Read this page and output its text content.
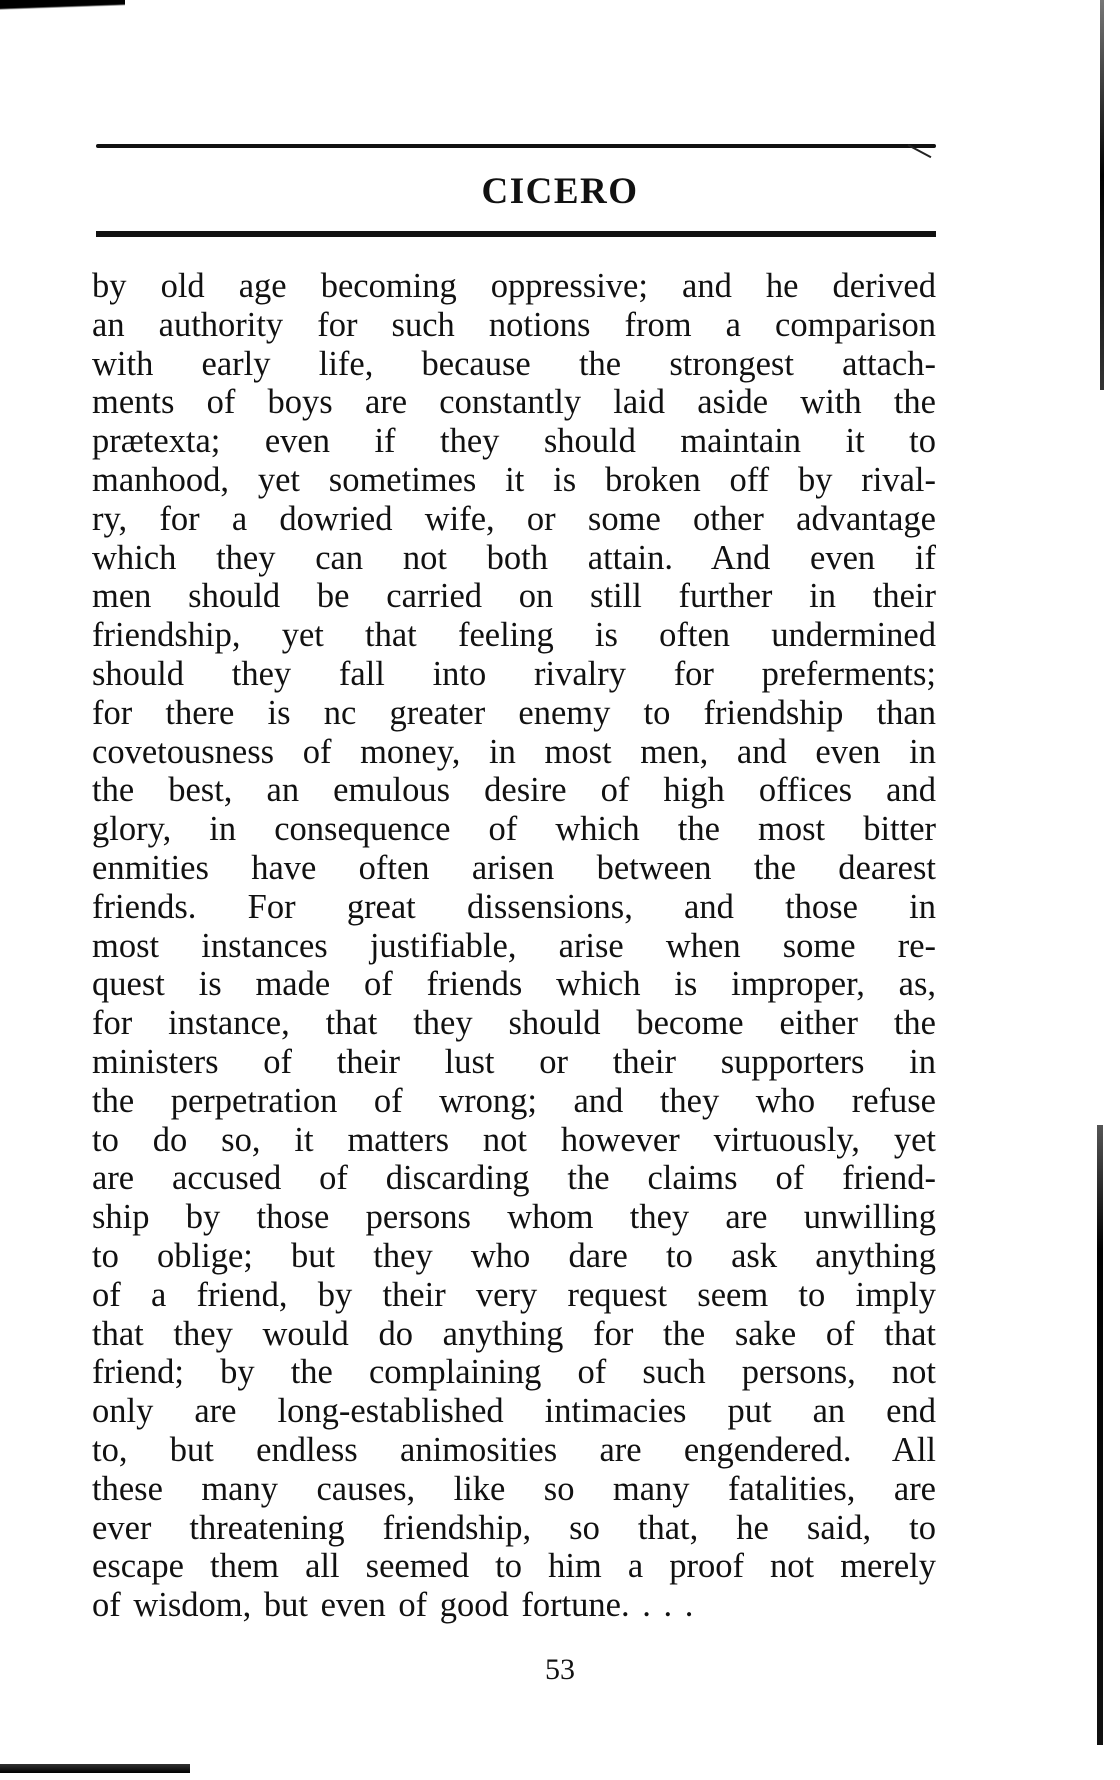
CICERO
by old age becoming oppressive; and he derived
an authority for such notions from a comparison
with early life, because the strongest attach-
ments of boys are constantly laid aside with the
prætexta; even if they should maintain it to
manhood, yet sometimes it is broken off by rival-
ry, for a dowried wife, or some other advantage
which they can not both attain. And even if
men should be carried on still further in their
friendship, yet that feeling is often undermined
should they fall into rivalry for preferments;
for there is nc greater enemy to friendship than
covetousness of money, in most men, and even in
the best, an emulous desire of high offices and
glory, in consequence of which the most bitter
enmities have often arisen between the dearest
friends. For great dissensions, and those in
most instances justifiable, arise when some re-
quest is made of friends which is improper, as,
for instance, that they should become either the
ministers of their lust or their supporters in
the perpetration of wrong; and they who refuse
to do so, it matters not however virtuously, yet
are accused of discarding the claims of friend-
ship by those persons whom they are unwilling
to oblige; but they who dare to ask anything
of a friend, by their very request seem to imply
that they would do anything for the sake of that
friend; by the complaining of such persons, not
only are long-established intimacies put an end
to, but endless animosities are engendered. All
these many causes, like so many fatalities, are
ever threatening friendship, so that, he said, to
escape them all seemed to him a proof not merely
of wisdom, but even of good fortune. . . .
53
